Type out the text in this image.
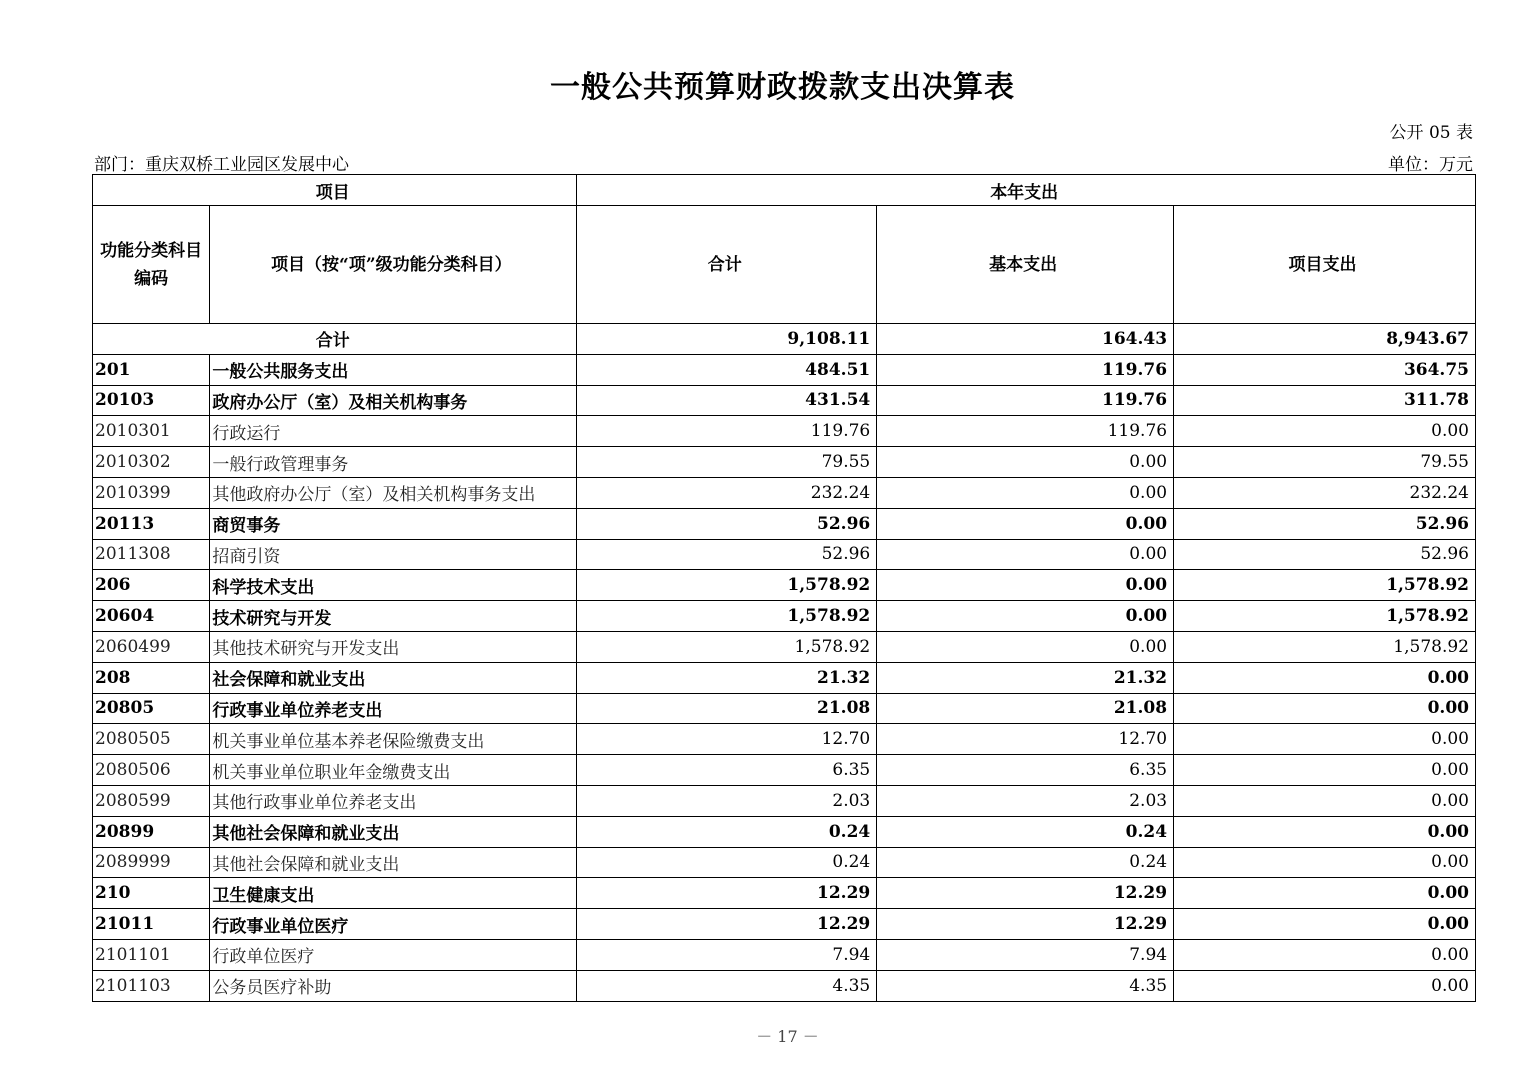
一般公共预算财政拨款支出决算表
公开 05 表
部门：重庆双桥工业园区发展中心	单位：万元
项目		本年支出		
功能分类科目编码	项目（按“项”级功能分类科目）	合计	基本支出	项目支出
合计		9,108.11	164.43	8,943.67
201	一般公共服务支出	484.51	119.76	364.75
20103	政府办公厅（室）及相关机构事务	431.54	119.76	311.78
2010301	行政运行	119.76	119.76	0.00
2010302	一般行政管理事务	79.55	0.00	79.55
2010399	其他政府办公厅（室）及相关机构事务支出	232.24	0.00	232.24
20113	商贸事务	52.96	0.00	52.96
2011308	招商引资	52.96	0.00	52.96
206	科学技术支出	1,578.92	0.00	1,578.92
20604	技术研究与开发	1,578.92	0.00	1,578.92
2060499	其他技术研究与开发支出	1,578.92	0.00	1,578.92
208	社会保障和就业支出	21.32	21.32	0.00
20805	行政事业单位养老支出	21.08	21.08	0.00
2080505	机关事业单位基本养老保险缴费支出	12.70	12.70	0.00
2080506	机关事业单位职业年金缴费支出	6.35	6.35	0.00
2080599	其他行政事业单位养老支出	2.03	2.03	0.00
20899	其他社会保障和就业支出	0.24	0.24	0.00
2089999	其他社会保障和就业支出	0.24	0.24	0.00
210	卫生健康支出	12.29	12.29	0.00
21011	行政事业单位医疗	12.29	12.29	0.00
2101101	行政单位医疗	7.94	7.94	0.00
2101103	公务员医疗补助	4.35	4.35	0.00
－ 17 －
